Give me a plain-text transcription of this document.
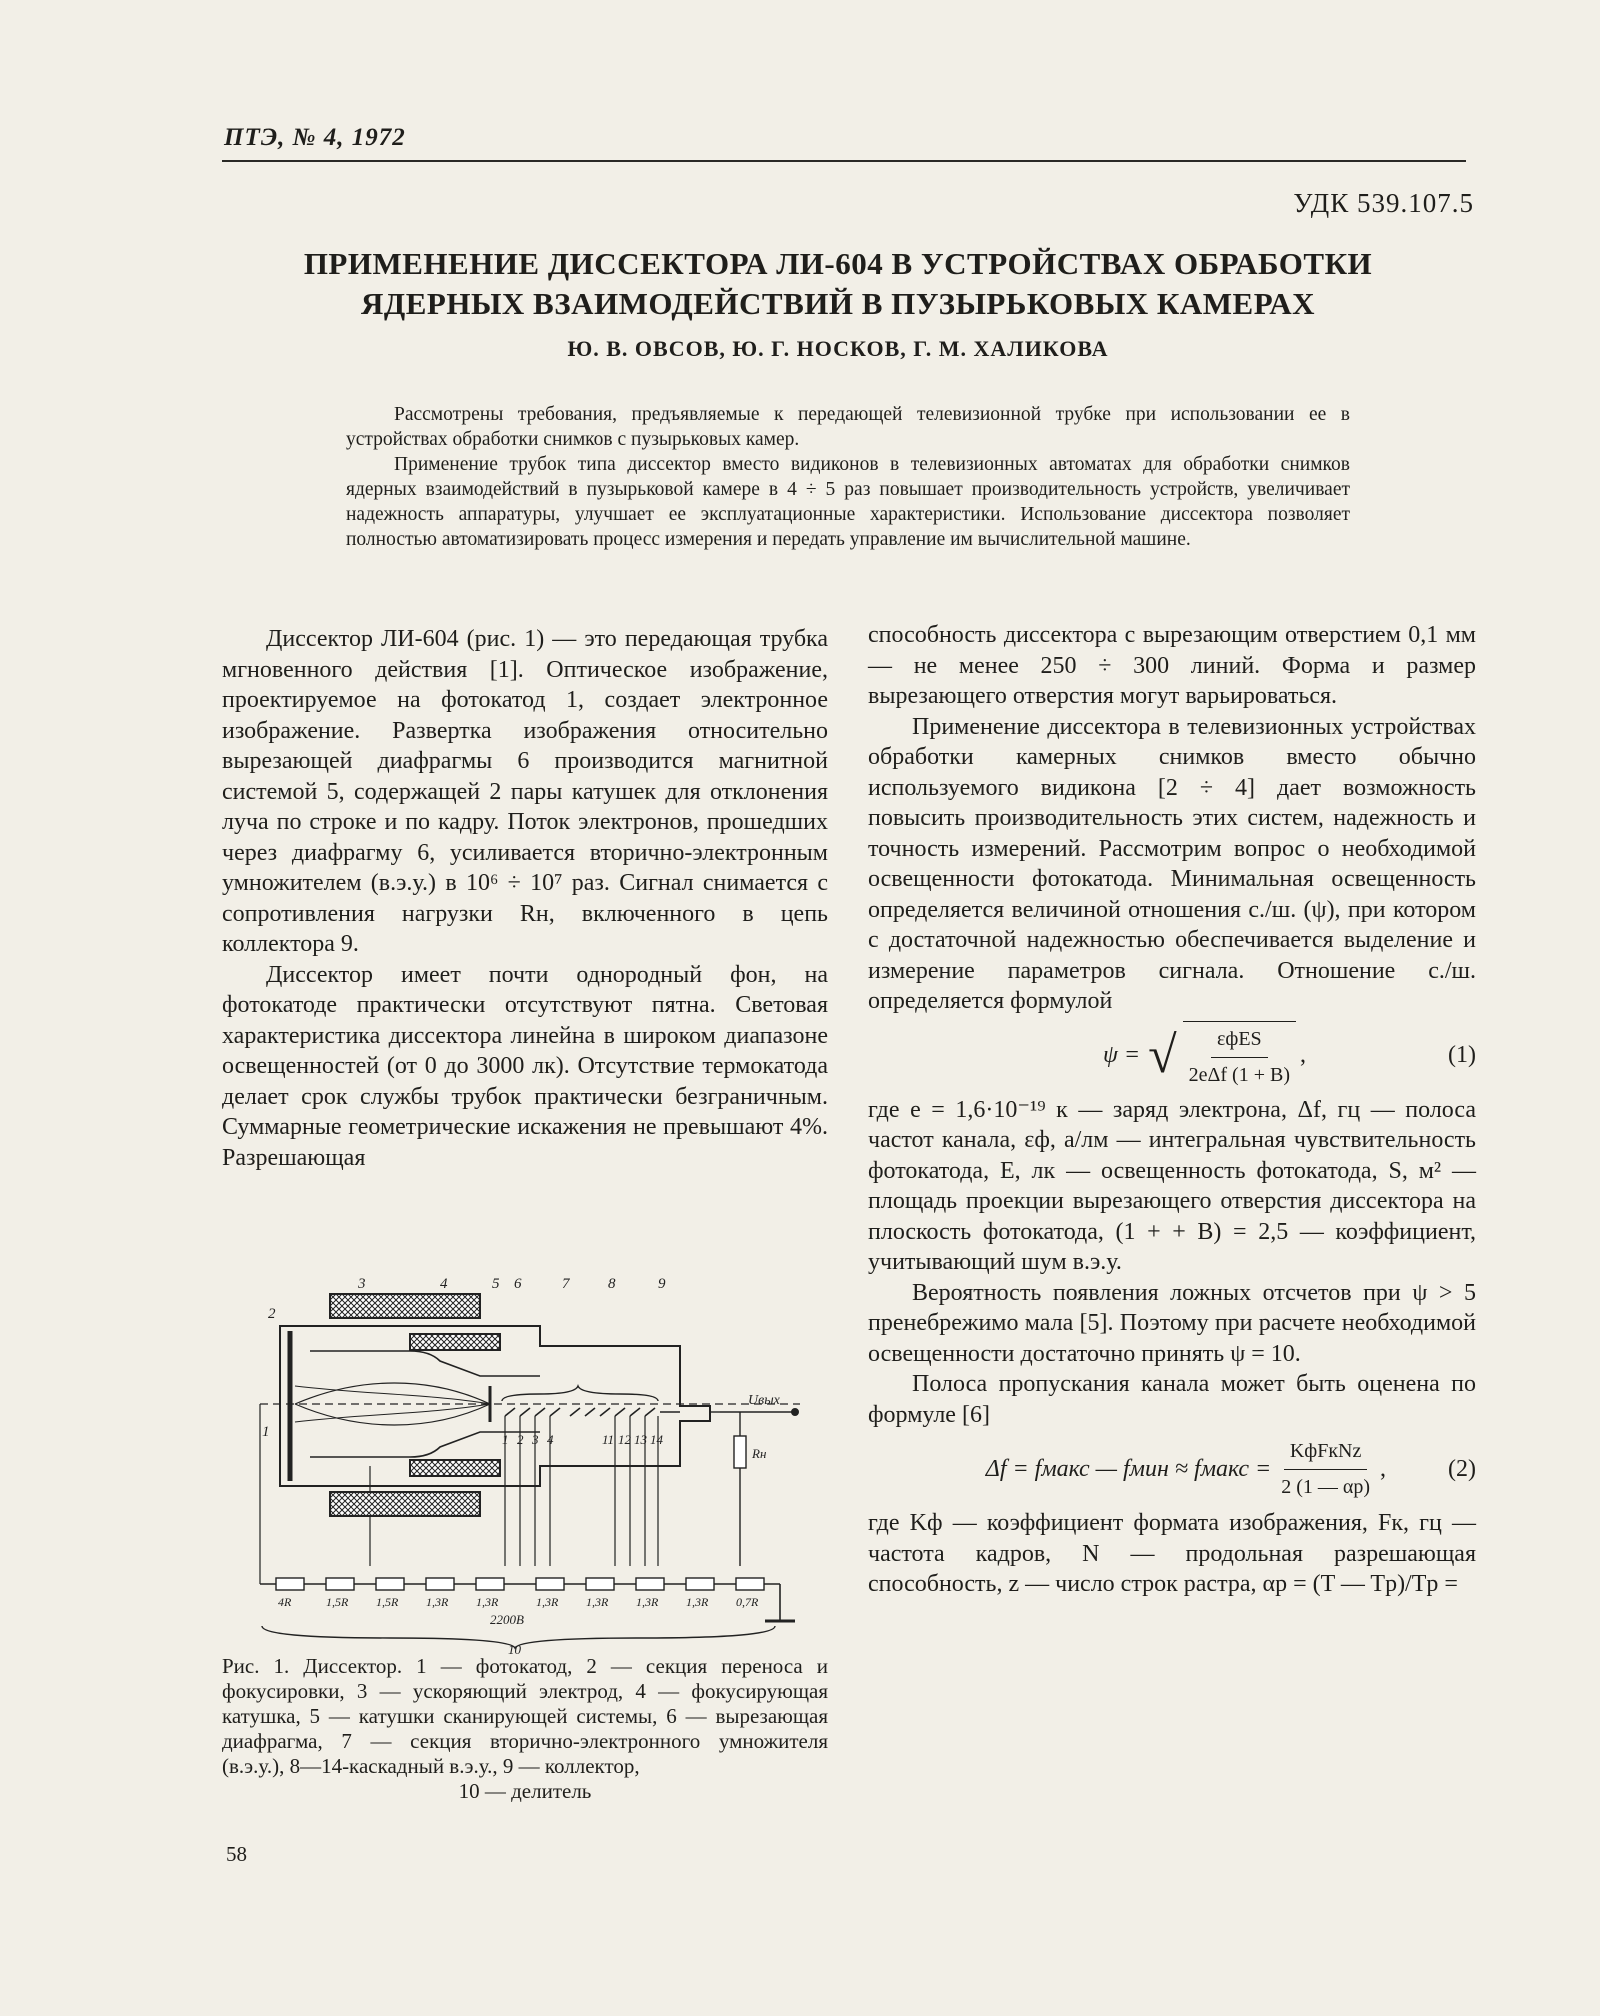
ПТЭ, № 4, 1972
УДК 539.107.5
ПРИМЕНЕНИЕ ДИССЕКТОРА ЛИ-604 В УСТРОЙСТВАХ ОБРАБОТКИ
ЯДЕРНЫХ ВЗАИМОДЕЙСТВИЙ В ПУЗЫРЬКОВЫХ КАМЕРАХ
Ю. В. ОВСОВ, Ю. Г. НОСКОВ, Г. М. ХАЛИКОВА

Рассмотрены требования, предъявляемые к передающей телевизионной трубке при использовании ее в устройствах обработки снимков с пузырьковых камер.

Применение трубок типа диссектор вместо видиконов в телевизионных автоматах для обработки снимков ядерных взаимодействий в пузырьковой камере в 4 ÷ 5 раз повышает производительность устройств, увеличивает надежность аппаратуры, улучшает ее эксплуатационные характеристики. Использование диссектора позволяет полностью автоматизировать процесс измерения и передать управление им вычислительной машине.

Диссектор ЛИ-604 (рис. 1) — это передающая трубка мгновенного действия [1]. Оптическое изображение, проектируемое на фотокатод 1, создает электронное изображение. Развертка изображения относительно вырезающей диафрагмы 6 производится магнитной системой 5, содержащей 2 пары катушек для отклонения луча по строке и по кадру. Поток электронов, прошедших через диафрагму 6, усиливается вторично-электронным умножителем (в.э.у.) в 10⁶ ÷ 10⁷ раз. Сигнал снимается с сопротивления нагрузки Rн, включенного в цепь коллектора 9.

Диссектор имеет почти однородный фон, на фотокатоде практически отсутствуют пятна. Световая характеристика диссектора линейна в широком диапазоне освещенностей (от 0 до 3000 лк). Отсутствие термокатода делает срок службы трубок практически безграничным. Суммарные геометрические искажения не превышают 4%. Разрешающая

2
1
3	4	5 6	7	8	9
1 2 3 4	11 12 13 14
Uвых
Rн
4R	1,5R 1,5R 1,3R 1,3R	1,3R 1,3R 1,3R 1,3R 0,7R
2200В
10
Рис. 1. Диссектор. 1 — фотокатод, 2 — секция переноса и фокусировки, 3 — ускоряющий электрод, 4 — фокусирующая катушка, 5 — катушки сканирующей системы, 6 — вырезающая диафрагма, 7 — секция вторично-электронного умножителя (в.э.у.), 8—14-каскадный в.э.у., 9 — коллектор,
10 — делитель

способность диссектора с вырезающим отверстием 0,1 мм — не менее 250 ÷ 300 линий. Форма и размер вырезающего отверстия могут варьироваться.

Применение диссектора в телевизионных устройствах обработки камерных снимков вместо обычно используемого видикона [2 ÷ 4] дает возможность повысить производительность этих систем, надежность и точность измерений. Рассмотрим вопрос о необходимой освещенности фотокатода. Минимальная освещенность определяется величиной отношения с./ш. (ψ), при котором с достаточной надежностью обеспечивается выделение и измерение параметров сигнала. Отношение с./ш. определяется формулой

ψ = √ $\frac{\text{εфES}}{\text{2eΔf (1 + B)}}$ ,	(1)

где e = 1,6·10⁻¹⁹ к — заряд электрона, Δf, гц — полоса частот канала, εф, а/лм — интегральная чувствительность фотокатода, E, лк — освещенность фотокатода, S, м² — площадь проекции вырезающего отверстия диссектора на плоскость фотокатода, (1 + + B) = 2,5 — коэффициент, учитывающий шум в.э.у.

Вероятность появления ложных отсчетов при ψ > 5 пренебрежимо мала [5]. Поэтому при расчете необходимой освещенности достаточно принять ψ = 10.

Полоса пропускания канала может быть оценена по формуле [6]

Δf = fмакс — fмин ≈ fмакс = $\frac{\text{KфFкNz}}{2 (1 — \alpha р)}$ ,	(2)

где Kф — коэффициент формата изображения, Fк, гц — частота кадров, N — продольная разрешающая способность, z — число строк растра, αр = (T — Tр)/Tр =

58
